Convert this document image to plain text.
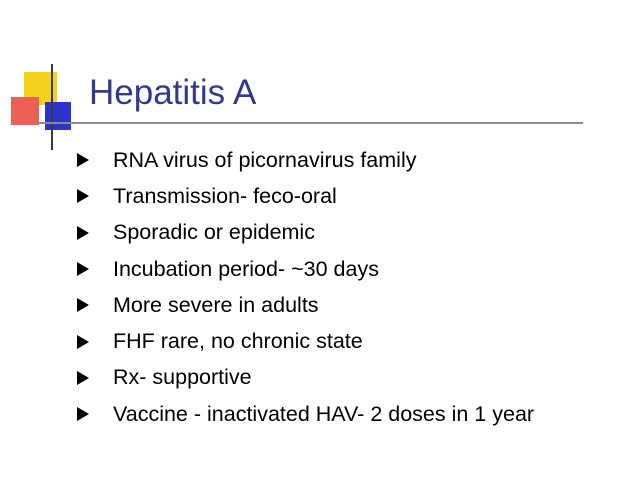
Hepatitis A
RNA virus of picornavirus family
Transmission- feco-oral
Sporadic or epidemic
Incubation period- ~30 days
More severe in adults
FHF rare, no chronic state
Rx- supportive
Vaccine - inactivated HAV- 2 doses in 1 year
